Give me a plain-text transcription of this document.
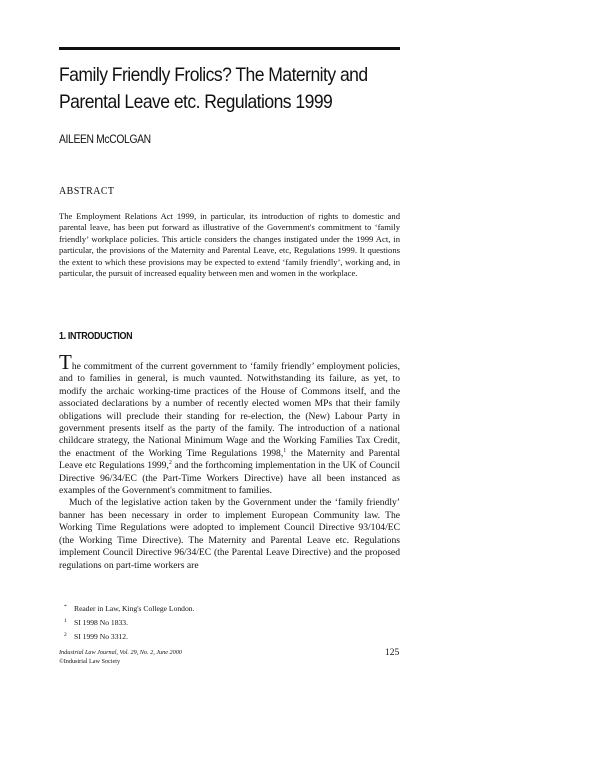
Family Friendly Frolics? The Maternity and
Parental Leave etc. Regulations 1999
AILEEN McCOLGAN
ABSTRACT
The Employment Relations Act 1999, in particular, its introduction of rights to domestic and parental leave, has been put forward as illustrative of the Government's commitment to ‘family friendly’ workplace policies. This article considers the changes instigated under the 1999 Act, in particular, the provisions of the Maternity and Parental Leave, etc, Regulations 1999. It questions the extent to which these provisions may be expected to extend ‘family friendly’, working and, in particular, the pursuit of increased equality between men and women in the workplace.
1. INTRODUCTION

The commitment of the current government to ‘family friendly’ employment policies, and to families in general, is much vaunted. Notwithstanding its failure, as yet, to modify the archaic working-time practices of the House of Commons itself, and the associated declarations by a number of recently elected women MPs that their family obligations will preclude their standing for re-election, the (New) Labour Party in government presents itself as the party of the family. The introduction of a national childcare strategy, the National Minimum Wage and the Working Families Tax Credit, the enactment of the Working Time Regulations 1998,$^1$ the Maternity and Parental Leave etc Regulations 1999,$^2$ and the forthcoming implementation in the UK of Council Directive 96/34/EC (the Part-Time Workers Directive) have all been instanced as examples of the Government's commitment to families.

Much of the legislative action taken by the Government under the ‘family friendly’ banner has been necessary in order to implement European Community law. The Working Time Regulations were adopted to implement Council Directive 93/104/EC (the Working Time Directive). The Maternity and Parental Leave etc. Regulations implement Council Directive 96/34/EC (the Parental Leave Directive) and the proposed regulations on part-time workers are

* Reader in Law, King's College London.
1 SI 1998 No 1833.
2 SI 1999 No 3312.
Industrial Law Journal, Vol. 29, No. 2, June 2000
©Industrial Law Society
125
